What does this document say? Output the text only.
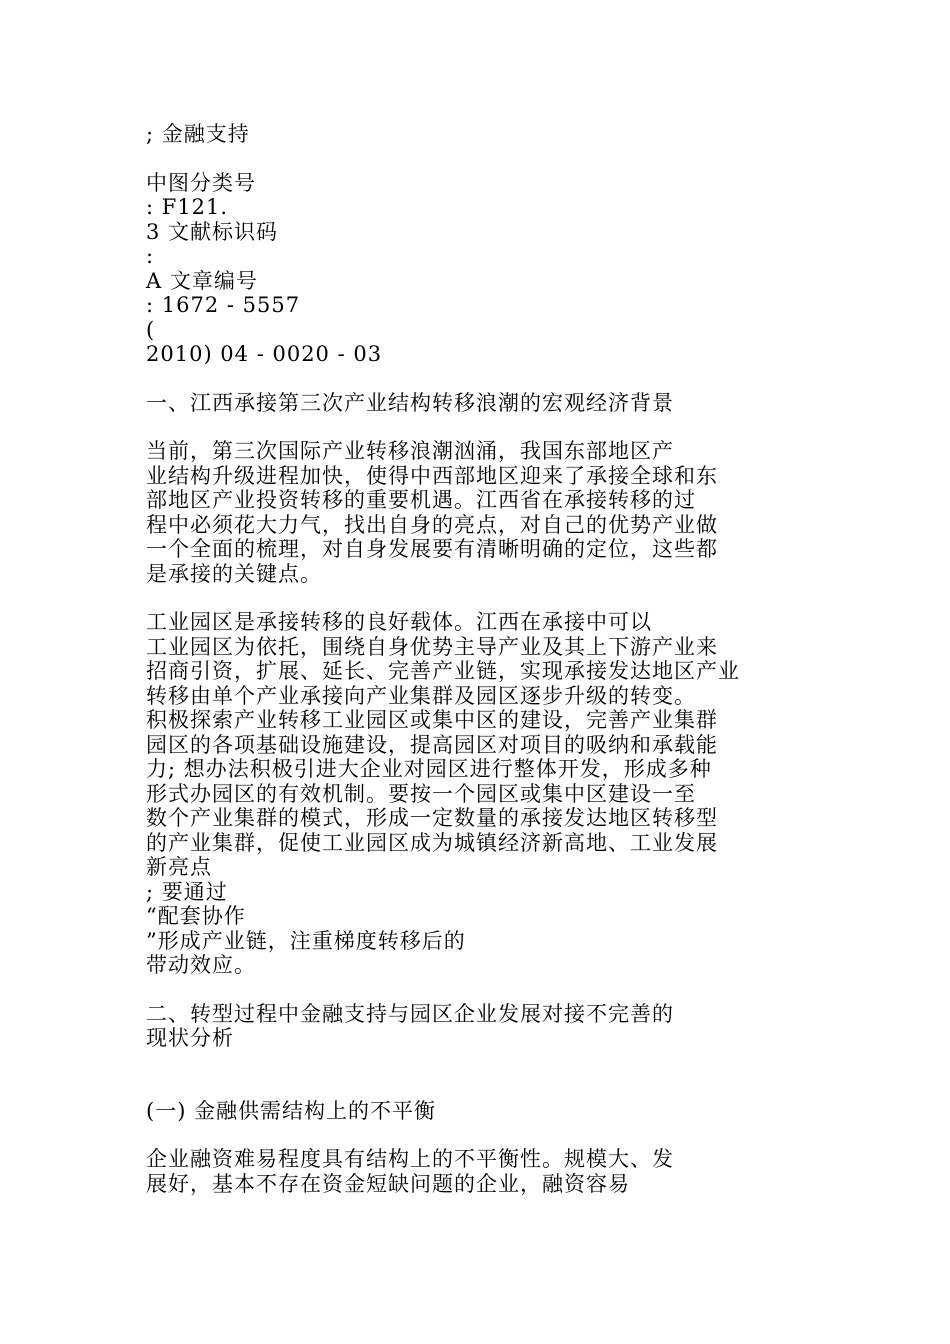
; 金融支持
中图分类号
: F121.
3 文献标识码
:
A 文章编号
: 1672 - 5557
(
2010) 04 - 0020 - 03
一、江西承接第三次产业结构转移浪潮的宏观经济背景
当前，第三次国际产业转移浪潮汹涌，我国东部地区产
业结构升级进程加快，使得中西部地区迎来了承接全球和东
部地区产业投资转移的重要机遇。江西省在承接转移的过
程中必须花大力气，找出自身的亮点，对自己的优势产业做
一个全面的梳理，对自身发展要有清晰明确的定位，这些都
是承接的关键点。
工业园区是承接转移的良好载体。江西在承接中可以
工业园区为依托，围绕自身优势主导产业及其上下游产业来
招商引资，扩展、延长、完善产业链，实现承接发达地区产业
转移由单个产业承接向产业集群及园区逐步升级的转变。
积极探索产业转移工业园区或集中区的建设，完善产业集群
园区的各项基础设施建设，提高园区对项目的吸纳和承载能
力; 想办法积极引进大企业对园区进行整体开发，形成多种
形式办园区的有效机制。要按一个园区或集中区建设一至
数个产业集群的模式，形成一定数量的承接发达地区转移型
的产业集群，促使工业园区成为城镇经济新高地、工业发展
新亮点
; 要通过
“配套协作
”形成产业链，注重梯度转移后的
带动效应。
二、转型过程中金融支持与园区企业发展对接不完善的
现状分析
(一) 金融供需结构上的不平衡
企业融资难易程度具有结构上的不平衡性。规模大、发
展好，基本不存在资金短缺问题的企业，融资容易
